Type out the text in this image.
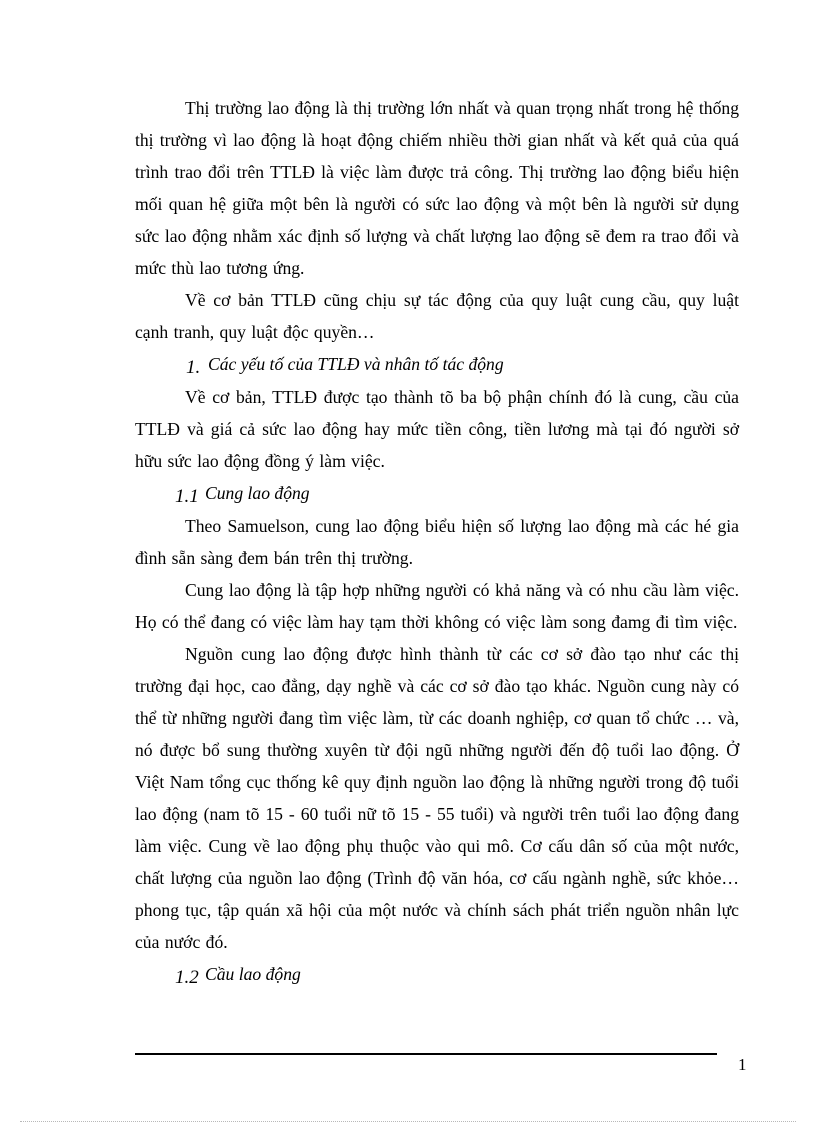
Thị trường lao động là thị trường lớn nhất và quan trọng nhất trong hệ thống thị trường vì lao động là hoạt động chiếm nhiều thời gian nhất và kết quả của quá trình trao đổi trên TTLĐ là việc làm được trả công. Thị trường lao động biểu hiện mối quan hệ giữa một bên là người có sức lao động và một bên là người sử dụng sức lao động nhằm xác định số lượng và chất lượng lao động sẽ đem ra trao đổi và mức thù lao tương ứng.

Về cơ bản TTLĐ cũng chịu sự tác động của quy luật cung cầu, quy luật cạnh tranh, quy luật độc quyền…

1. Các yếu tố của TTLĐ và nhân tố tác động

Về cơ bản, TTLĐ được tạo thành tõ ba bộ phận chính đó là cung, cầu của TTLĐ và giá cả sức lao động hay mức tiền công, tiền lương mà tại đó người sở hữu sức lao động đồng ý làm việc.

1.1 Cung lao động

Theo Samuelson, cung lao động biểu hiện số lượng lao động mà các hé gia đình sẵn sàng đem bán trên thị trường.

Cung lao động là tập hợp những người có khả năng và có nhu cầu làm việc. Họ có thể đang có việc làm hay tạm thời không có việc làm song đamg đi tìm việc.

Nguồn cung lao động được hình thành từ các cơ sở đào tạo như các thị trường đại học, cao đẳng, dạy nghề và các cơ sở đào tạo khác. Nguồn cung này có thể từ những người đang tìm việc làm, từ các doanh nghiệp, cơ quan tổ chức … và, nó được bổ sung thường xuyên từ đội ngũ những người đến độ tuổi lao động. Ở Việt Nam tổng cục thống kê quy định nguồn lao động là những người trong độ tuổi lao động (nam tõ 15 - 60 tuổi nữ tõ 15 - 55 tuổi) và người trên tuổi lao động đang làm việc. Cung về lao động phụ thuộc vào qui mô. Cơ cấu dân số của một nước, chất lượng của nguồn lao động (Trình độ văn hóa, cơ cấu ngành nghề, sức khỏe… phong tục, tập quán xã hội của một nước và chính sách phát triển nguồn nhân lực của nước đó.

1.2 Cầu lao động

1
